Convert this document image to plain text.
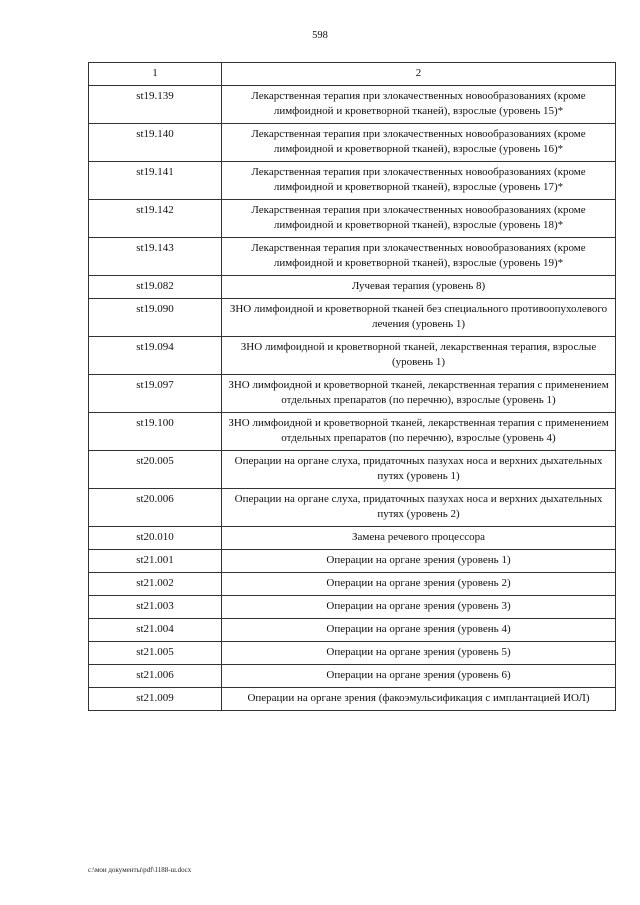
598
1	2
st19.139	Лекарственная терапия при злокачественных новообразованиях (кроме лимфоидной и кроветворной тканей), взрослые (уровень 15)*
st19.140	Лекарственная терапия при злокачественных новообразованиях (кроме лимфоидной и кроветворной тканей), взрослые (уровень 16)*
st19.141	Лекарственная терапия при злокачественных новообразованиях (кроме лимфоидной и кроветворной тканей), взрослые (уровень 17)*
st19.142	Лекарственная терапия при злокачественных новообразованиях (кроме лимфоидной и кроветворной тканей), взрослые (уровень 18)*
st19.143	Лекарственная терапия при злокачественных новообразованиях (кроме лимфоидной и кроветворной тканей), взрослые (уровень 19)*
st19.082	Лучевая терапия (уровень 8)
st19.090	ЗНО лимфоидной и кроветворной тканей без специального противоопухолевого лечения (уровень 1)
st19.094	ЗНО лимфоидной и кроветворной тканей, лекарственная терапия, взрослые (уровень 1)
st19.097	ЗНО лимфоидной и кроветворной тканей, лекарственная терапия с применением отдельных препаратов (по перечню), взрослые (уровень 1)
st19.100	ЗНО лимфоидной и кроветворной тканей, лекарственная терапия с применением отдельных препаратов (по перечню), взрослые (уровень 4)
st20.005	Операции на органе слуха, придаточных пазухах носа и верхних дыхательных путях (уровень 1)
st20.006	Операции на органе слуха, придаточных пазухах носа и верхних дыхательных путях (уровень 2)
st20.010	Замена речевого процессора
st21.001	Операции на органе зрения (уровень 1)
st21.002	Операции на органе зрения (уровень 2)
st21.003	Операции на органе зрения (уровень 3)
st21.004	Операции на органе зрения (уровень 4)
st21.005	Операции на органе зрения (уровень 5)
st21.006	Операции на органе зрения (уровень 6)
st21.009	Операции на органе зрения (факоэмульсификация с имплантацией ИОЛ)
c:\мои документы\pdf\1188-ш.docx
